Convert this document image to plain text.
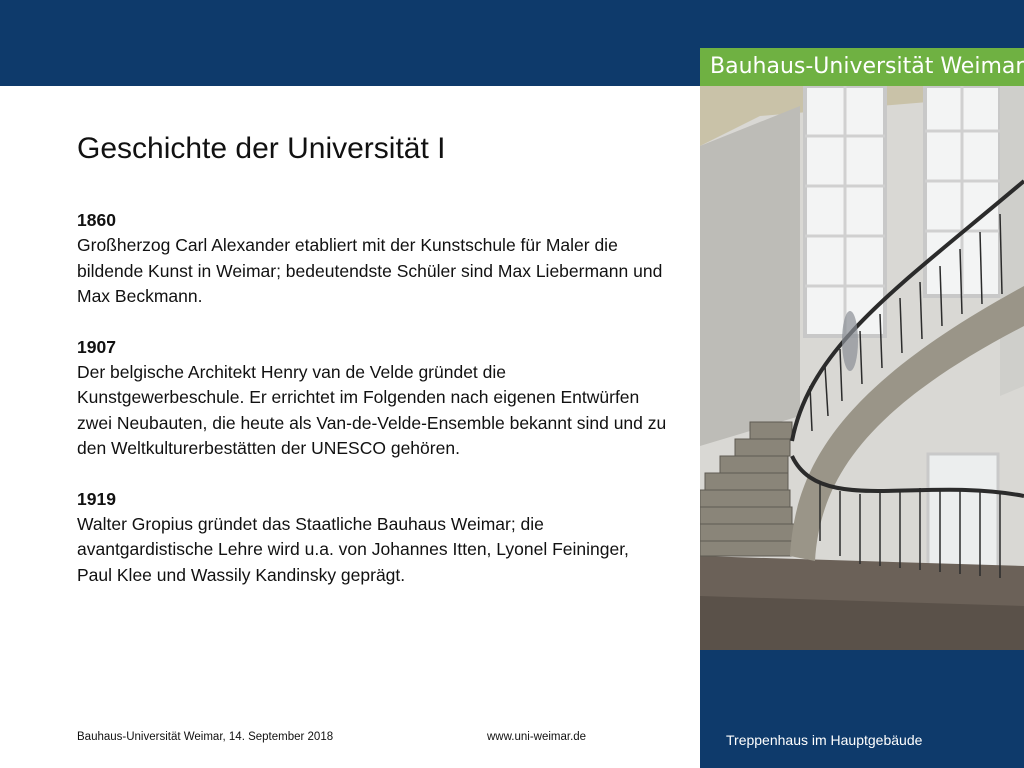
Bauhaus-Universität Weimar
Geschichte der Universität I
1860

Großherzog Carl Alexander etabliert mit der Kunstschule für Maler die bildende Kunst in Weimar; bedeutendste Schüler sind Max Liebermann und Max Beckmann.

1907

Der belgische Architekt Henry van de Velde gründet die Kunstgewerbeschule. Er errichtet im Folgenden nach eigenen Entwürfen zwei Neubauten, die heute als Van-de-Velde-Ensemble bekannt sind und zu den Weltkulturerbestätten der UNESCO gehören.

1919

Walter Gropius gründet das Staatliche Bauhaus Weimar; die avantgardistische Lehre wird u.a. von Johannes Itten, Lyonel Feininger, Paul Klee und Wassily Kandinsky geprägt.

Treppenhaus im Hauptgebäude
Bauhaus-Universität Weimar, 14. September 2018	www.uni-weimar.de
